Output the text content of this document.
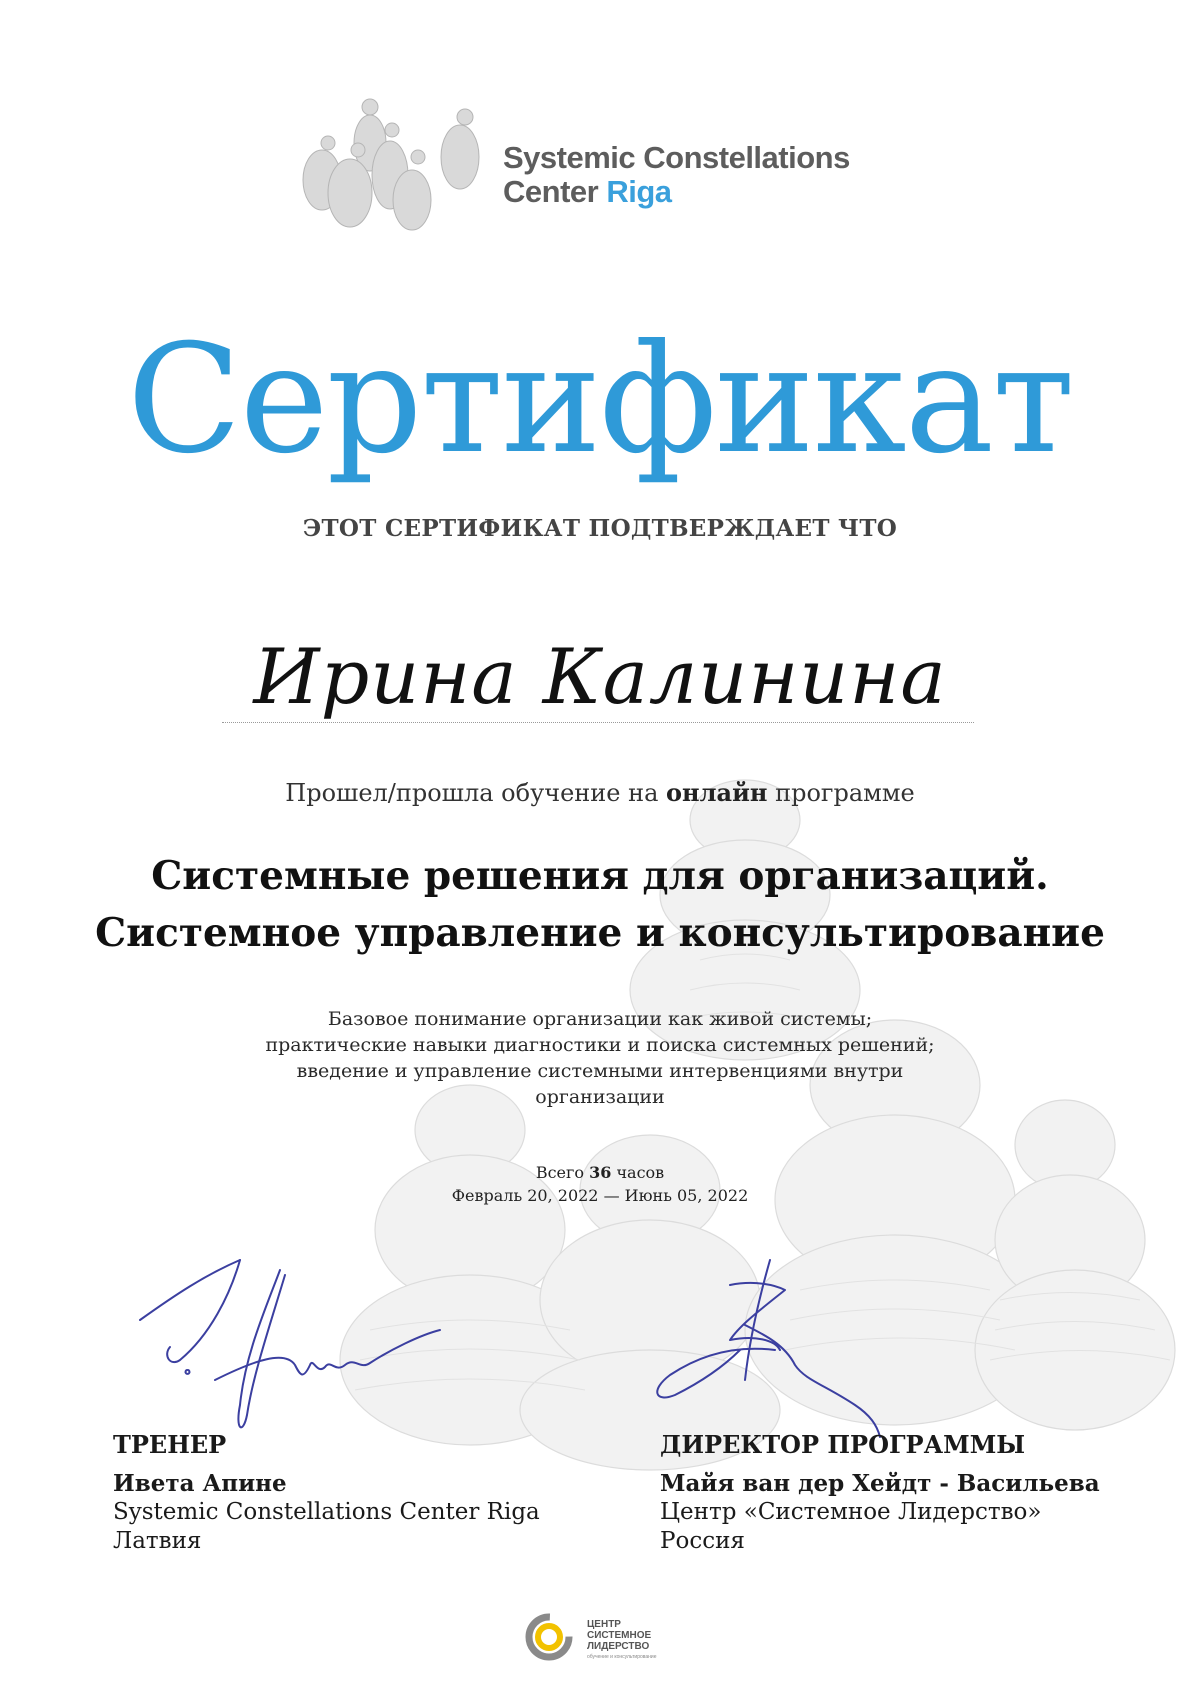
Systemic Constellations
Center Riga
Сертификат
ЭТОТ СЕРТИФИКАТ ПОДТВЕРЖДАЕТ ЧТО
Ирина Калинина
Прошел/прошла обучение на онлайн программе
Системные решения для организаций.
Системное управление и консультирование
Базовое понимание организации как живой системы;
практические навыки диагностики и поиска системных решений;
введение и управление системными интервенциями внутри
организации
Всего 36 часов
Февраль 20, 2022 — Июнь 05, 2022
ТРЕНЕР
Ивета Апине
Systemic Constellations Center Riga
Латвия
ДИРЕКТОР ПРОГРАММЫ
Майя ван дер Хейдт - Васильева
Центр «Системное Лидерство»
Россия
ЦЕНТР
СИСТЕМНОЕ
ЛИДЕРСТВО
обучение и консультирование
